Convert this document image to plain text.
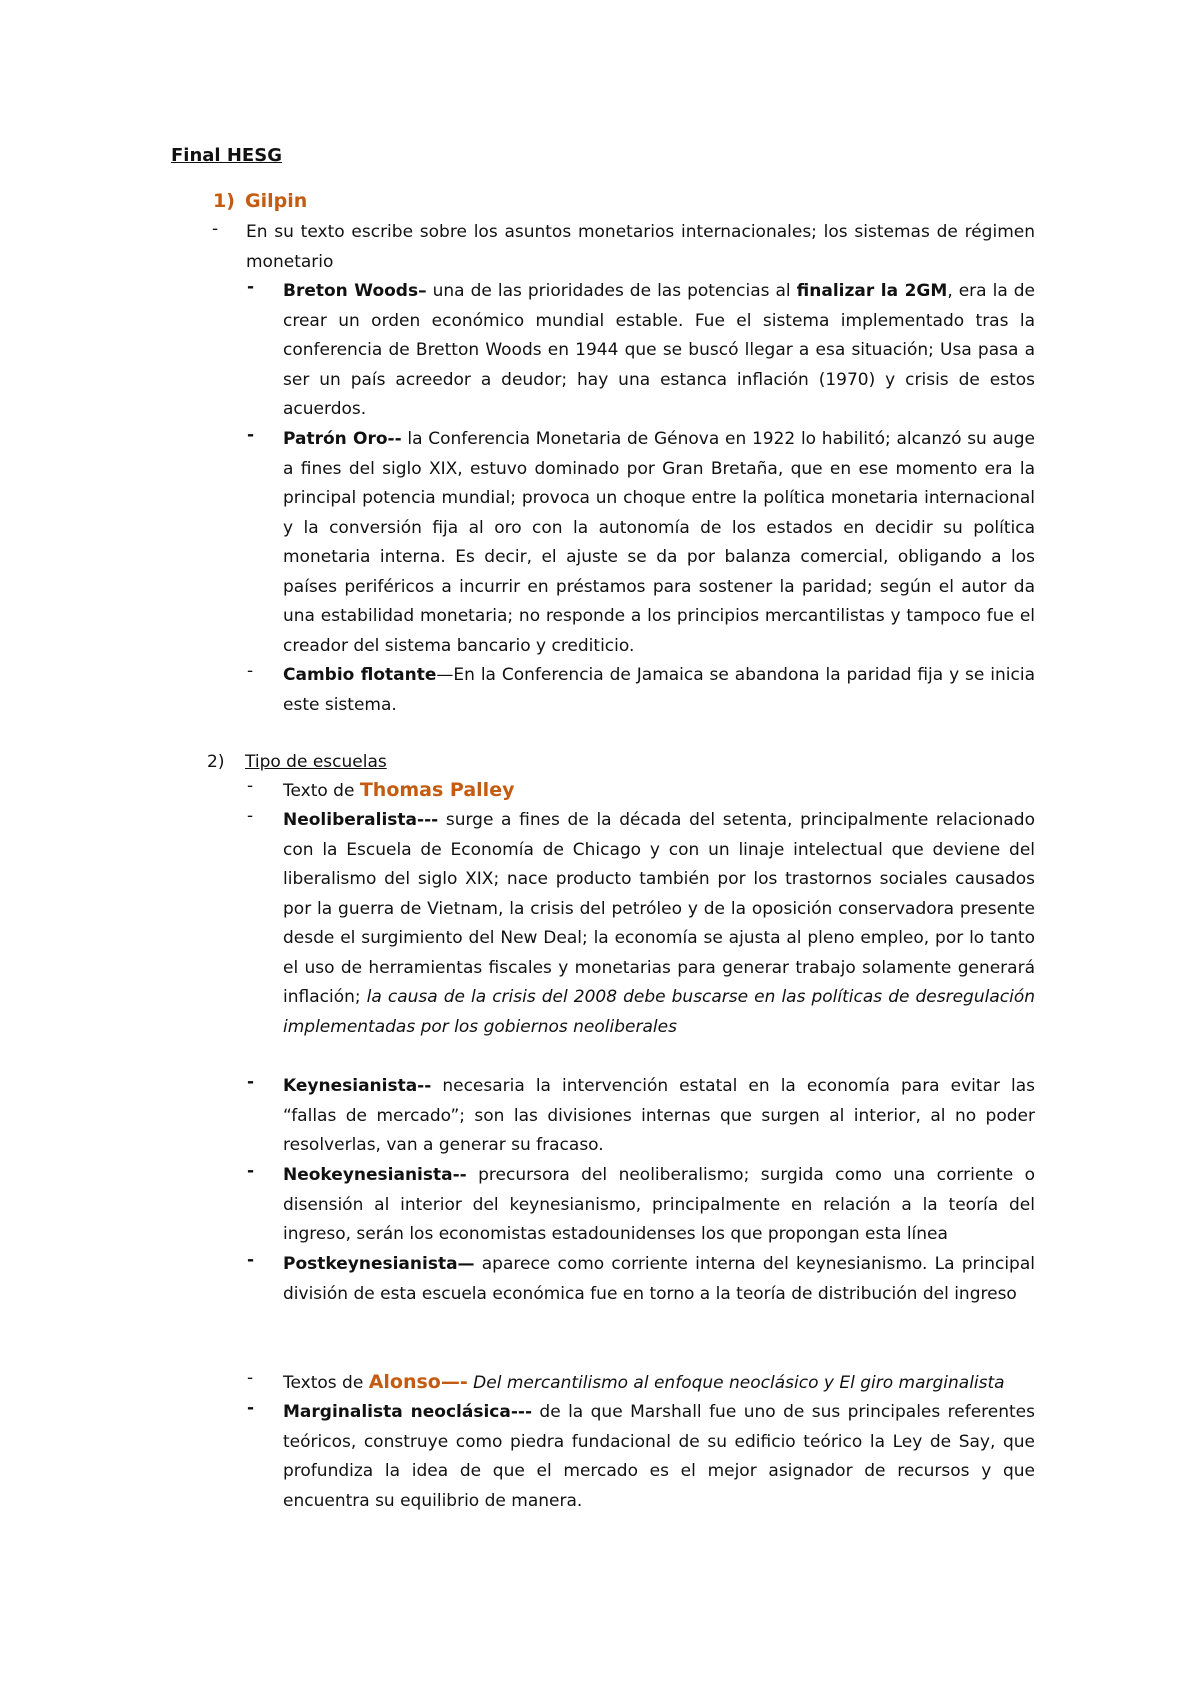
Final HESG
1) Gilpin
- En su texto escribe sobre los asuntos monetarios internacionales; los sistemas de régimen monetario
- Breton Woods– una de las prioridades de las potencias al finalizar la 2GM, era la de crear un orden económico mundial estable. Fue el sistema implementado tras la conferencia de Bretton Woods en 1944 que se buscó llegar a esa situación; Usa pasa a ser un país acreedor a deudor; hay una estanca inflación (1970) y crisis de estos acuerdos.
- Patrón Oro-- la Conferencia Monetaria de Génova en 1922 lo habilitó; alcanzó su auge a fines del siglo XIX, estuvo dominado por Gran Bretaña, que en ese momento era la principal potencia mundial; provoca un choque entre la política monetaria internacional y la conversión fija al oro con la autonomía de los estados en decidir su política monetaria interna. Es decir, el ajuste se da por balanza comercial, obligando a los países periféricos a incurrir en préstamos para sostener la paridad; según el autor da una estabilidad monetaria; no responde a los principios mercantilistas y tampoco fue el creador del sistema bancario y crediticio.
- Cambio flotante—En la Conferencia de Jamaica se abandona la paridad fija y se inicia este sistema.
2) Tipo de escuelas
- Texto de Thomas Palley
- Neoliberalista--- surge a fines de la década del setenta, principalmente relacionado con la Escuela de Economía de Chicago y con un linaje intelectual que deviene del liberalismo del siglo XIX; nace producto también por los trastornos sociales causados por la guerra de Vietnam, la crisis del petróleo y de la oposición conservadora presente desde el surgimiento del New Deal; la economía se ajusta al pleno empleo, por lo tanto el uso de herramientas fiscales y monetarias para generar trabajo solamente generará inflación; la causa de la crisis del 2008 debe buscarse en las políticas de desregulación implementadas por los gobiernos neoliberales
- Keynesianista-- necesaria la intervención estatal en la economía para evitar las “fallas de mercado”; son las divisiones internas que surgen al interior, al no poder resolverlas, van a generar su fracaso.
- Neokeynesianista-- precursora del neoliberalismo; surgida como una corriente o disensión al interior del keynesianismo, principalmente en relación a la teoría del ingreso, serán los economistas estadounidenses los que propongan esta línea
- Postkeynesianista— aparece como corriente interna del keynesianismo. La principal división de esta escuela económica fue en torno a la teoría de distribución del ingreso
- Textos de Alonso—- Del mercantilismo al enfoque neoclásico y El giro marginalista
- Marginalista neoclásica--- de la que Marshall fue uno de sus principales referentes teóricos, construye como piedra fundacional de su edificio teórico la Ley de Say, que profundiza la idea de que el mercado es el mejor asignador de recursos y que encuentra su equilibrio de manera.
